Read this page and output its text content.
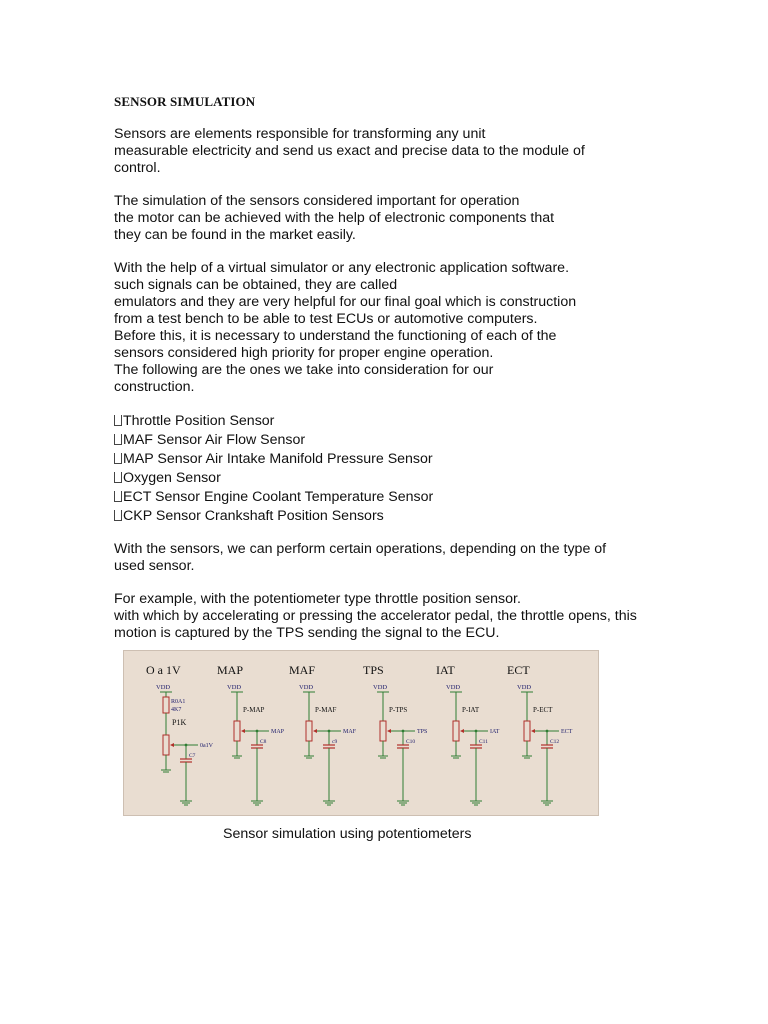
SENSOR SIMULATION
Sensors are elements responsible for transforming any unit
measurable electricity and send us exact and precise data to the module of
control.
The simulation of the sensors considered important for operation
the motor can be achieved with the help of electronic components that
they can be found in the market easily.
With the help of a virtual simulator or any electronic application software.
such signals can be obtained, they are called
emulators and they are very helpful for our final goal which is construction
from a test bench to be able to test ECUs or automotive computers.
Before this, it is necessary to understand the functioning of each of the
sensors considered high priority for proper engine operation.
The following are the ones we take into consideration for our
construction.
Throttle Position Sensor
MAF Sensor Air Flow Sensor
MAP Sensor Air Intake Manifold Pressure Sensor
Oxygen Sensor
ECT Sensor Engine Coolant Temperature Sensor
CKP Sensor Crankshaft Position Sensors
With the sensors, we can perform certain operations, depending on the type of
used sensor.
For example, with the potentiometer type throttle position sensor.
with which by accelerating or pressing the accelerator pedal, the throttle opens, this
motion is captured by the TPS sending the signal to the ECU.
O a 1V
VDD
R0A1
4K7
P1K
0a1V
C7
MAP
VDD
P-MAP
MAP
C8
MAF
VDD
P-MAF
MAF
c9
TPS
VDD
P-TPS
TPS
C10
IAT
VDD
P-IAT
IAT
C11
ECT
VDD
P-ECT
ECT
C12
Sensor simulation using potentiometers
